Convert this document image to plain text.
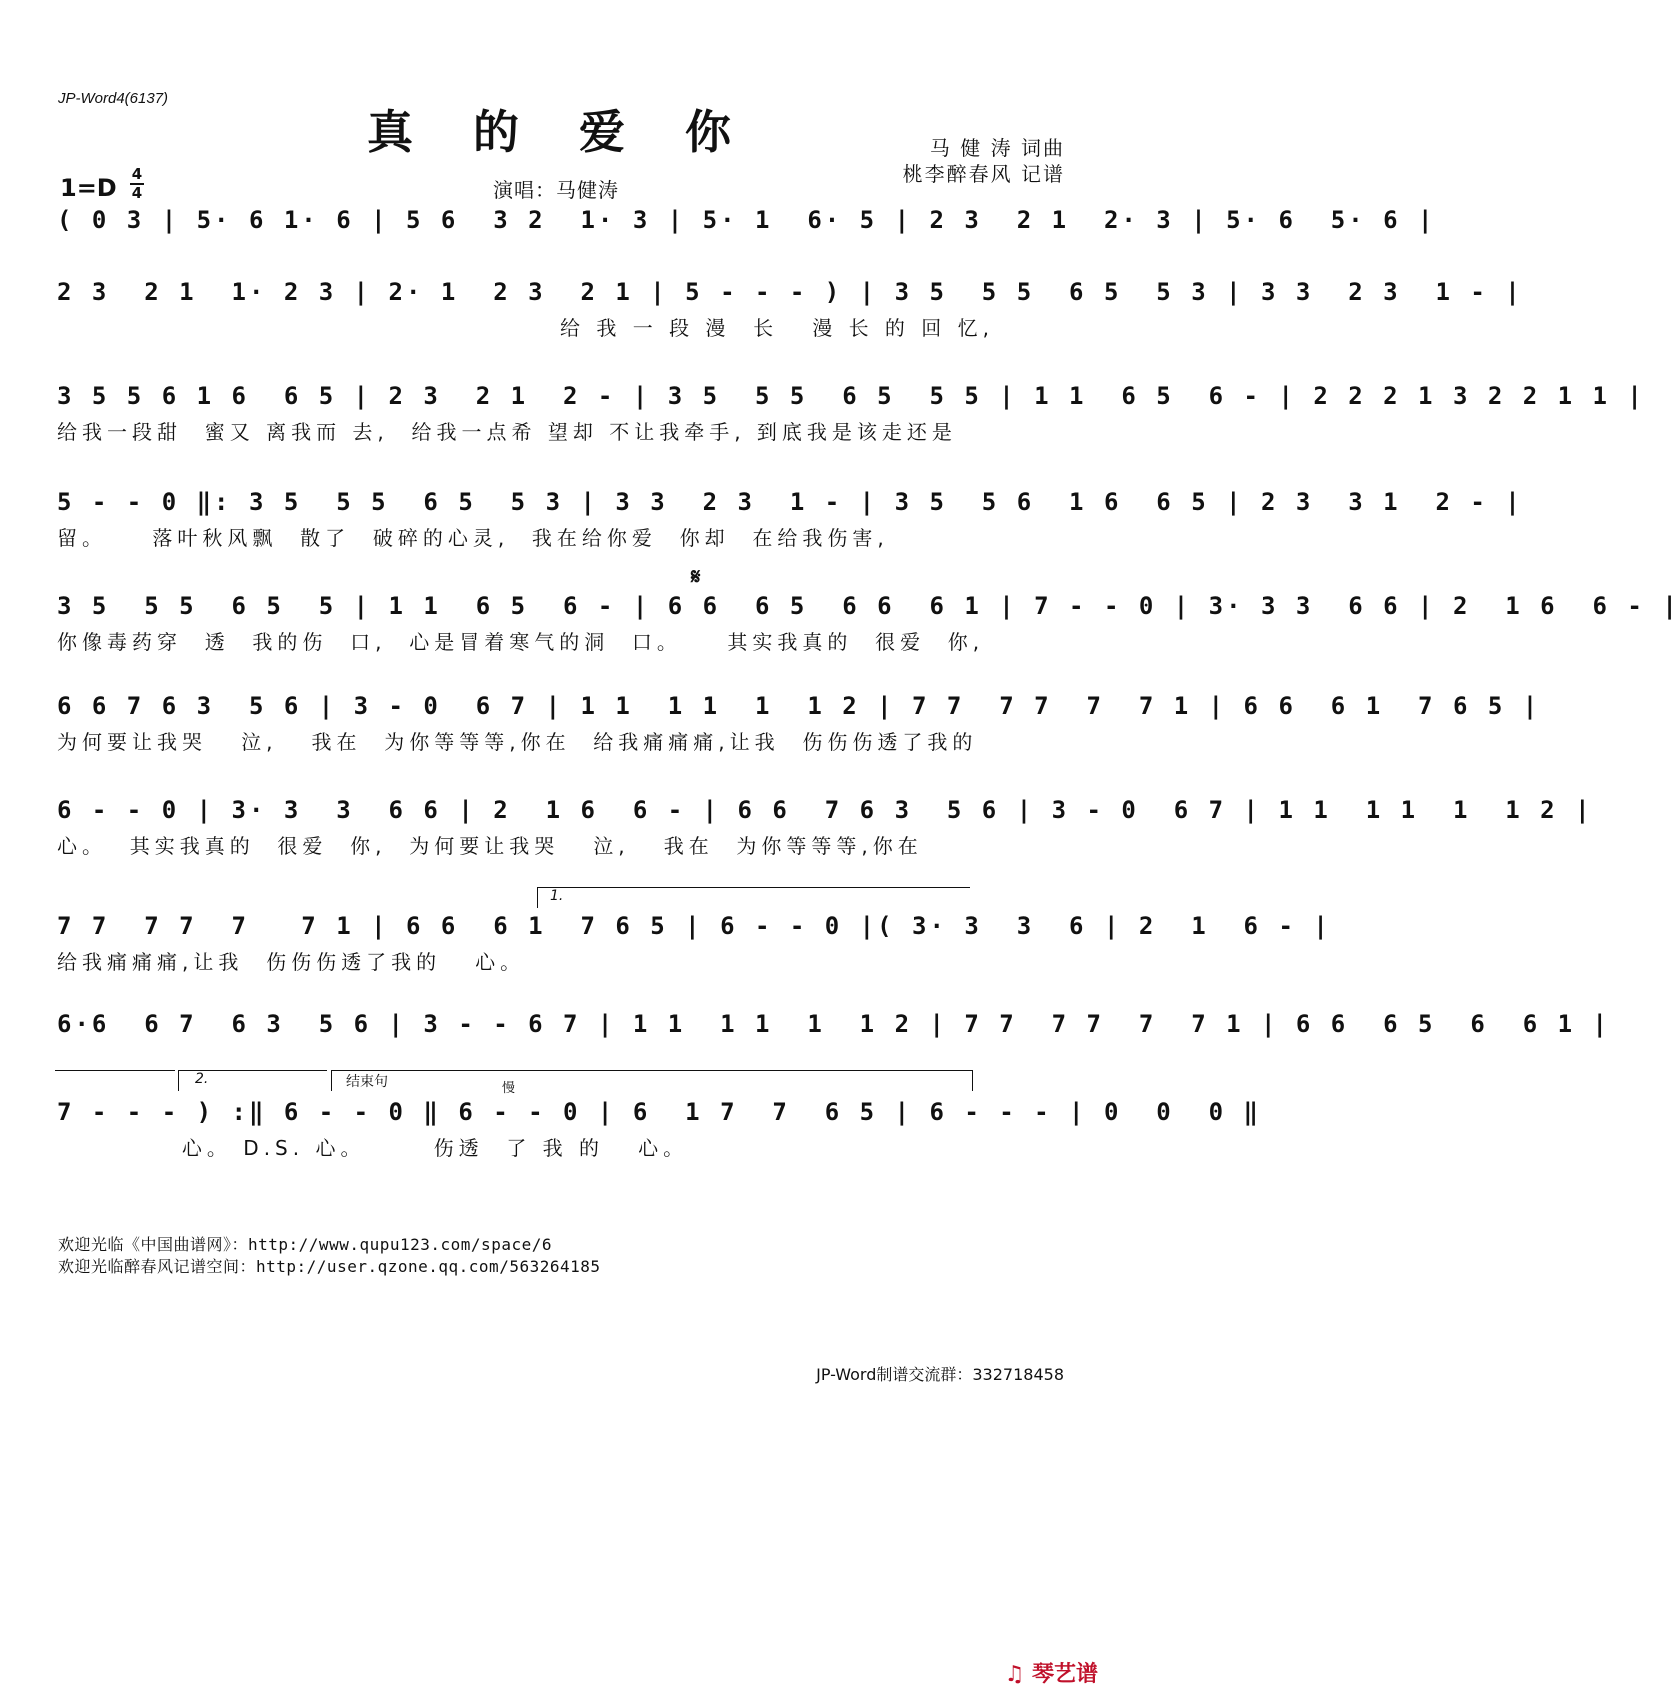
JP-Word4(6137)
真 的 爱 你	马 健 涛 词曲
桃李醉春风 记谱
1=D 4
4	演唱：马健涛
( 0 3 | 5· 6 1· 6 | 5 6  3 2  1· 3 | 5· 1  6· 5 | 2 3  2 1  2· 3 | 5· 6  5· 6 |
2 3  2 1  1· 2 3 | 2· 1  2 3  2 1 | 5 - - - ) | 3 5  5 5  6 5  5 3 | 3 3  2 3  1 - |
给 我 一 段 漫  长   漫 长 的 回 忆,
3 5 5 6 1 6  6 5 | 2 3  2 1  2 - | 3 5  5 5  6 5  5 5 | 1 1  6 5  6 - | 2 2 2 1 3 2 2 1 1 |
给我一段甜  蜜又 离我而 去,  给我一点希 望却 不让我牵手, 到底我是该走还是
5 - - 0 ‖: 3 5  5 5  6 5  5 3 | 3 3  2 3  1 - | 3 5  5 6  1 6  6 5 | 2 3  3 1  2 - |
留。    落叶秋风飘  散了  破碎的心灵,  我在给你爱  你却  在给我伤害,
𝄋
3 5  5 5  6 5  5 | 1 1  6 5  6 - | 6 6  6 5  6 6  6 1 | 7 - - 0 | 3· 3 3  6 6 | 2  1 6  6 - |
你像毒药穿  透  我的伤  口,  心是冒着寒气的洞  口。    其实我真的  很爱  你,
6 6 7 6 3  5 6 | 3 - 0  6 7 | 1 1  1 1  1  1 2 | 7 7  7 7  7  7 1 | 6 6  6 1  7 6 5 |
为何要让我哭   泣,   我在  为你等等等,你在  给我痛痛痛,让我  伤伤伤透了我的
6 - - 0 | 3· 3  3  6 6 | 2  1 6  6 - | 6 6  7 6 3  5 6 | 3 - 0  6 7 | 1 1  1 1  1  1 2 |
心。  其实我真的  很爱  你,  为何要让我哭   泣,   我在  为你等等等,你在
1.
7 7  7 7  7   7 1 | 6 6  6 1  7 6 5 | 6 - - 0 |( 3· 3  3  6 | 2  1  6 - |
给我痛痛痛,让我  伤伤伤透了我的   心。
6·6  6 7  6 3  5 6 | 3 - - 6 7 | 1 1  1 1  1  1 2 | 7 7  7 7  7  7 1 | 6 6  6 5  6  6 1 |
2.	结束句	慢
7 - - - ) :‖ 6 - - 0 ‖ 6 - - 0 | 6  1 7  7  6 5 | 6 - - - | 0  0  0 ‖
心。 D.S. 心。      伤透  了 我 的   心。
欢迎光临《中国曲谱网》：http://www.qupu123.com/space/6
欢迎光临醉春风记谱空间：http://user.qzone.qq.com/563264185
JP-Word制谱交流群：332718458
♫ 琴艺谱
